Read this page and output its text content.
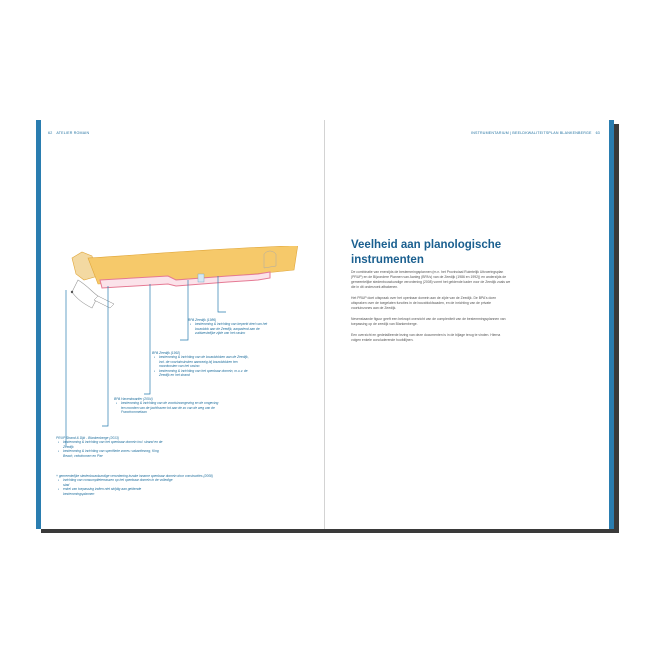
62 ATELIER ROMAIN
BPA Zeedijk (1986)
▪ bestemming & inrichting van beperkt deel van het bouwblok aan de Zeedijk, aanpalend aan de zuidwestelijke zijde van het casino
BPA Zeedijk (1992)
▪ bestemming & inrichting van de bouwblokken aan de Zeedijk, incl. de voortuinstroken aanwezig bij bouwblokken ten noordoosten van het casino
▪ bestemming & inrichting van het openbaar domein, m.u.v. de Zeedijk en het strand
BPA Havenkwartier (2004)
▪ bestemming & inrichting van de voortuinomgeving en de omgeving ten noorden van de jachthaven tot aan de zo van de weg van de Franchommelaan
PRUP Strand & Dijk - Blankenberge (2013)
▪ bestemming & inrichting van het openbaar domein incl. strand en de Zeedijk
▪ bestemming & inrichting van specifieke zones: vakantiezorg, King Beach, velodromen en Pier
+ gemeentelijke stedenbouwkundige verordening inzake inname openbaar domein door constructies (2008)
▪ inrichting van consumptieterrassen op het openbaar domein in de volledige stad
▪ enkel van toepassing indien niet strijdig aan geldende bestemmingsplannen
INSTRUMENTARIUM | BEELDKWALITEITSPLAN BLANKENBERGE 63
Veelheid aan planologische instrumenten

De combinatie van enerzijds de bestemmingsplannen (m.n. het Provinciaal Ruimtelijk Uitvoeringsplan (PRUP) en de Bijzondere Plannen van Aanleg (BPA's) van de Zeedijk (1986 en 1992)) en anderzijds de gemeentelijke stedenbouwkundige verordening (2008) vormt het geldende kader voor de Zeedijk zoals we die in dit onderzoek afbakenen.

Het PRUP doet uitspraak over het openbaar domein aan de zijde van de Zeedijk. De BPA's doen uitspraken over de toegelaten functies in de bouwblokfacaden, en de inrichting van de private voortuinzones aan de Zeedijk.

Nevenstaande figuur geeft een beknopt overzicht van de complexiteit van de bestemmingsplannen van toepassing op de zeedijk van Blankenberge.

Een overzicht en gedetailleerde lezing van deze documenten is in de bijlage terug te vinden. Hierna volgen enkele concluderende hoofdlijnen.
